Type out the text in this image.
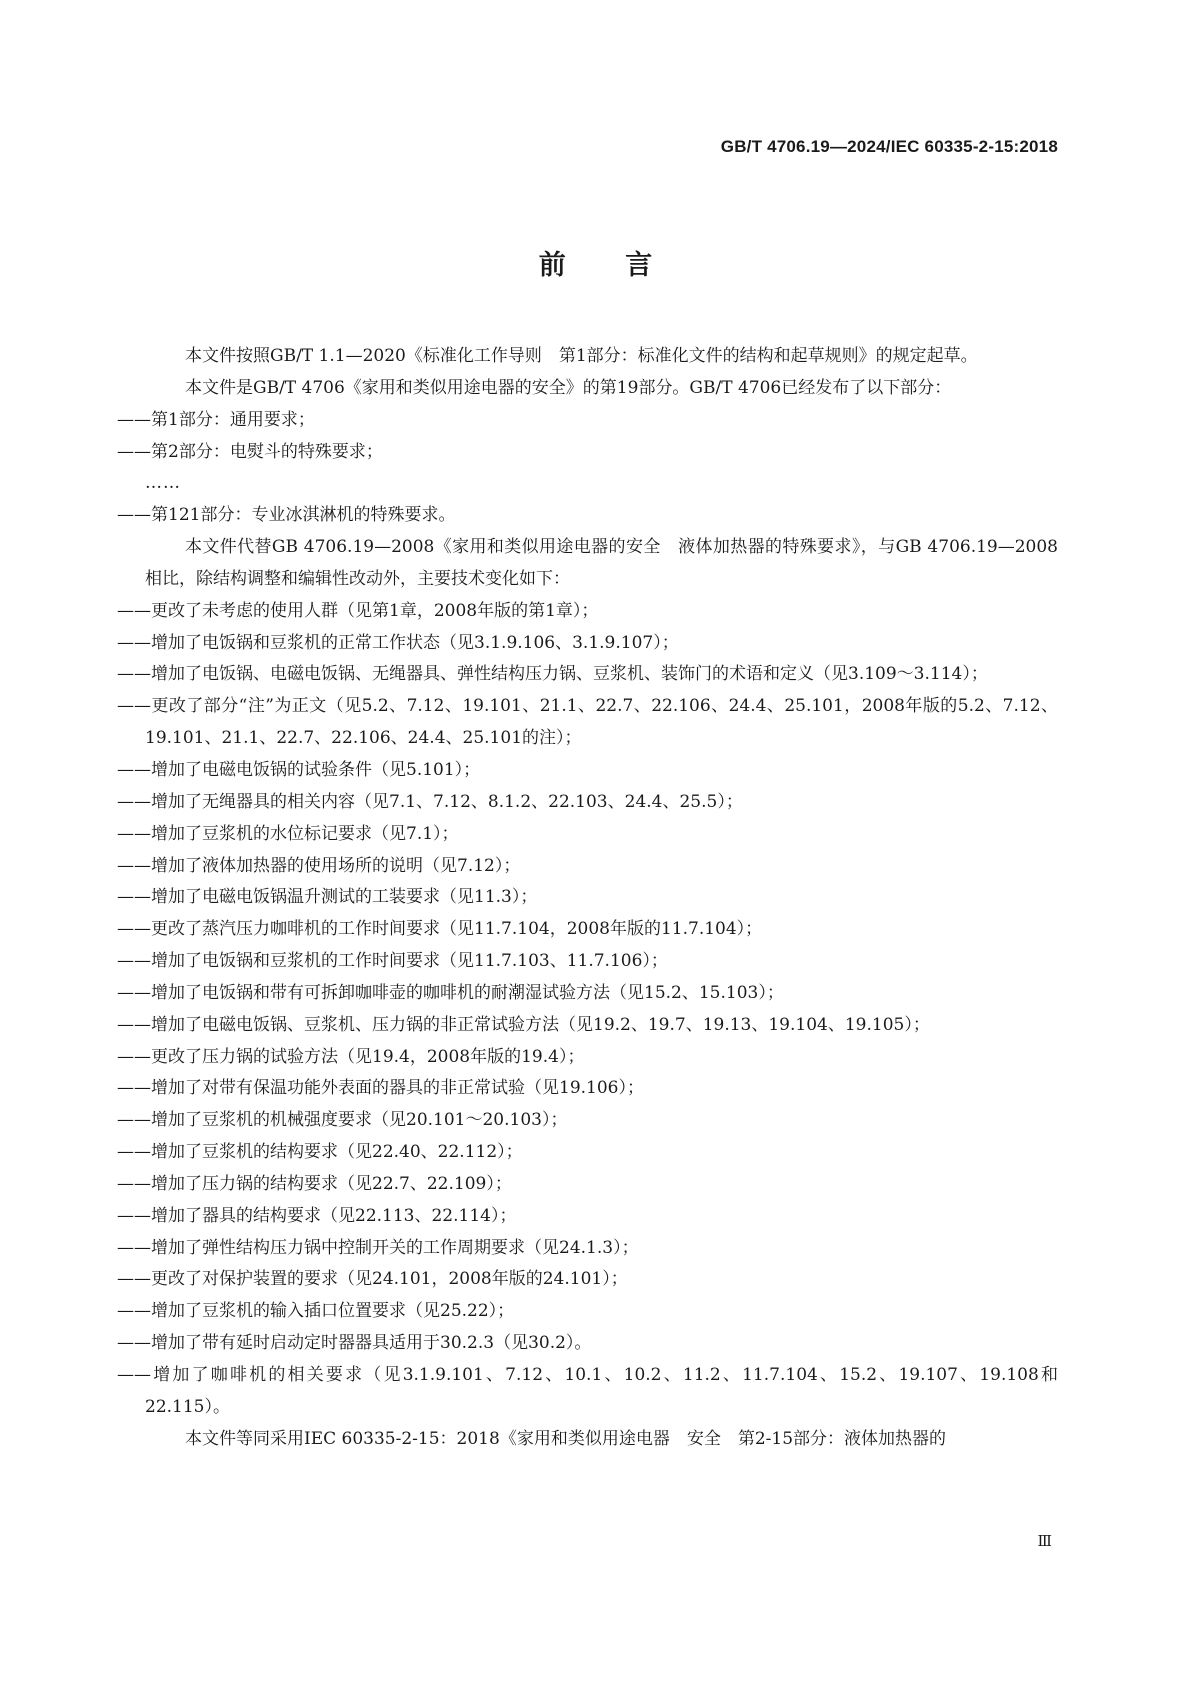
GB/T 4706.19—2024/IEC 60335-2-15:2018
前 言

本文件按照GB/T 1.1—2020《标准化工作导则　第1部分：标准化文件的结构和起草规则》的规定起草。

本文件是GB/T 4706《家用和类似用途电器的安全》的第19部分。GB/T 4706已经发布了以下部分：

——第1部分：通用要求；

——第2部分：电熨斗的特殊要求；

……

——第121部分：专业冰淇淋机的特殊要求。

本文件代替GB 4706.19—2008《家用和类似用途电器的安全　液体加热器的特殊要求》，与GB 4706.19—2008相比，除结构调整和编辑性改动外，主要技术变化如下：

——更改了未考虑的使用人群（见第1章，2008年版的第1章）；

——增加了电饭锅和豆浆机的正常工作状态（见3.1.9.106、3.1.9.107）；

——增加了电饭锅、电磁电饭锅、无绳器具、弹性结构压力锅、豆浆机、装饰门的术语和定义（见3.109～3.114）；

——更改了部分“注”为正文（见5.2、7.12、19.101、21.1、22.7、22.106、24.4、25.101，2008年版的5.2、7.12、19.101、21.1、22.7、22.106、24.4、25.101的注）；

——增加了电磁电饭锅的试验条件（见5.101）；

——增加了无绳器具的相关内容（见7.1、7.12、8.1.2、22.103、24.4、25.5）；

——增加了豆浆机的水位标记要求（见7.1）；

——增加了液体加热器的使用场所的说明（见7.12）；

——增加了电磁电饭锅温升测试的工装要求（见11.3）；

——更改了蒸汽压力咖啡机的工作时间要求（见11.7.104，2008年版的11.7.104）；

——增加了电饭锅和豆浆机的工作时间要求（见11.7.103、11.7.106）；

——增加了电饭锅和带有可拆卸咖啡壶的咖啡机的耐潮湿试验方法（见15.2、15.103）；

——增加了电磁电饭锅、豆浆机、压力锅的非正常试验方法（见19.2、19.7、19.13、19.104、19.105）；

——更改了压力锅的试验方法（见19.4，2008年版的19.4）；

——增加了对带有保温功能外表面的器具的非正常试验（见19.106）；

——增加了豆浆机的机械强度要求（见20.101～20.103）；

——增加了豆浆机的结构要求（见22.40、22.112）；

——增加了压力锅的结构要求（见22.7、22.109）；

——增加了器具的结构要求（见22.113、22.114）；

——增加了弹性结构压力锅中控制开关的工作周期要求（见24.1.3）；

——更改了对保护装置的要求（见24.101，2008年版的24.101）；

——增加了豆浆机的输入插口位置要求（见25.22）；

——增加了带有延时启动定时器器具适用于30.2.3（见30.2）。

——增加了咖啡机的相关要求（见3.1.9.101、7.12、10.1、10.2、11.2、11.7.104、15.2、19.107、19.108和22.115）。

本文件等同采用IEC 60335-2-15：2018《家用和类似用途电器　安全　第2-15部分：液体加热器的

Ⅲ
